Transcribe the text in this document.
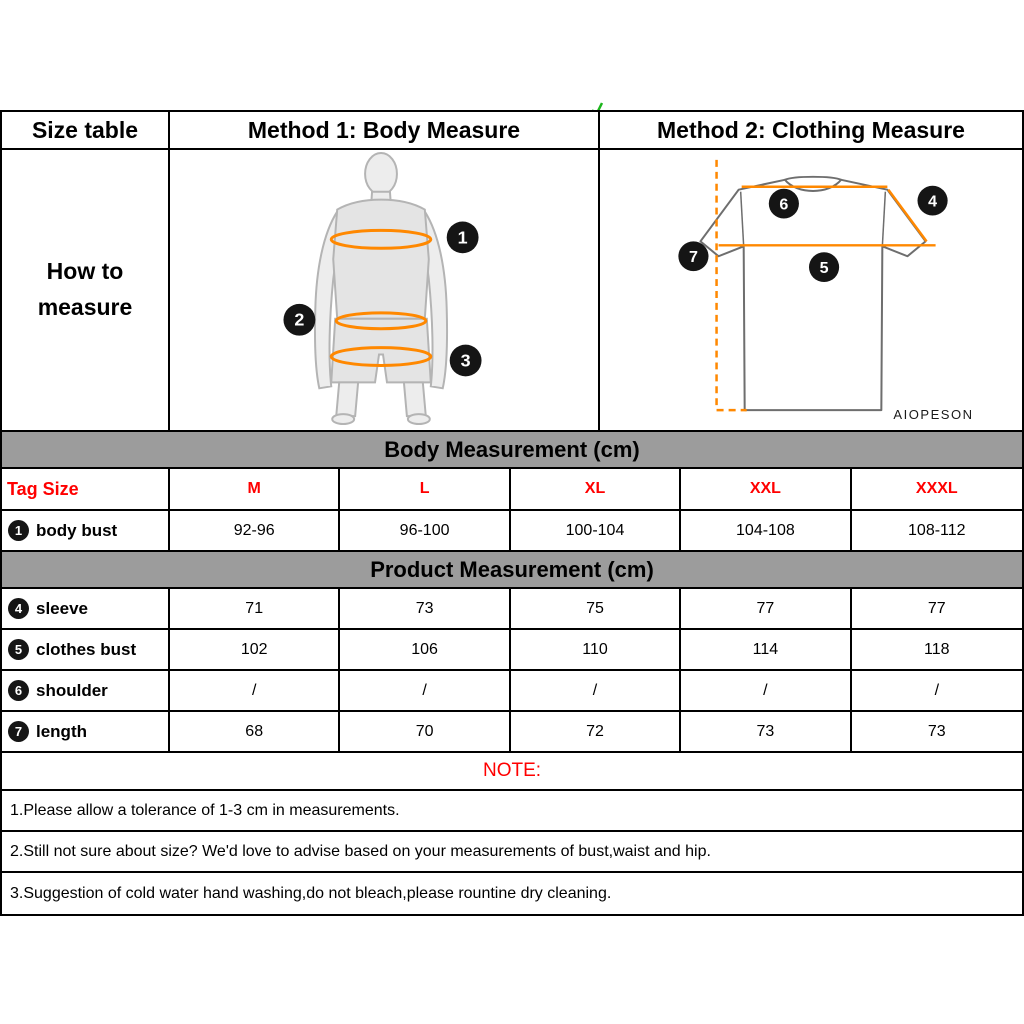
Size table	Method 1: Body Measure	Method 2: Clothing Measure
How to
measure
1
2
3
6	4
7
5
AIOPESON
Body Measurement (cm)
Tag Size	M	L	XL	XXL	XXXL
1 body bust	92-96	96-100	100-104	104-108	108-112
Product Measurement (cm)
4 sleeve	71	73	75	77	77
5 clothes bust	102	106	110	114	118
6 shoulder	/	/	/	/	/
7 length	68	70	72	73	73
NOTE:
1.Please allow a tolerance of 1-3 cm in measurements.
2.Still not sure about size? We'd love to advise based on your measurements of bust,waist and hip.
3.Suggestion of cold water hand washing,do not bleach,please rountine dry cleaning.
